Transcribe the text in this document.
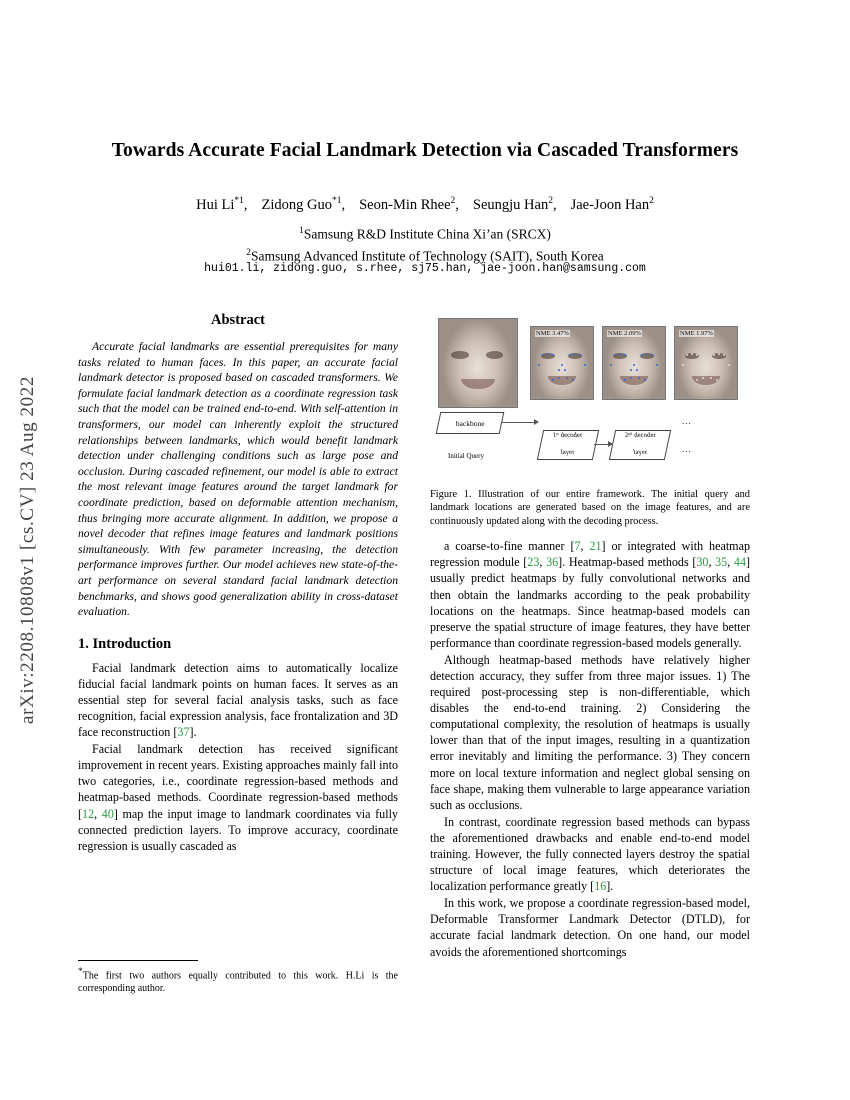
arXiv:2208.10808v1 [cs.CV] 23 Aug 2022
Towards Accurate Facial Landmark Detection via Cascaded Transformers
Hui Li$^{*1}$, Zidong Guo$^{*1}$, Seon-Min Rhee$^2$, Seungju Han$^2$, Jae-Joon Han$^2$
$^1$Samsung R&D Institute China Xi’an (SRCX)
$^2$Samsung Advanced Institute of Technology (SAIT), South Korea
hui01.li, zidong.guo, s.rhee, sj75.han, jae-joon.han@samsung.com
Abstract
Accurate facial landmarks are essential prerequisites for many tasks related to human faces. In this paper, an accurate facial landmark detector is proposed based on cascaded transformers. We formulate facial landmark detection as a coordinate regression task such that the model can be trained end-to-end. With self-attention in transformers, our model can inherently exploit the structured relationships between landmarks, which would benefit landmark detection under challenging conditions such as large pose and occlusion. During cascaded refinement, our model is able to extract the most relevant image features around the target landmark for coordinate prediction, based on deformable attention mechanism, thus bringing more accurate alignment. In addition, we propose a novel decoder that refines image features and landmark positions simultaneously. With few parameter increasing, the detection performance improves further. Our model achieves new state-of-the-art performance on several standard facial landmark detection benchmarks, and shows good generalization ability in cross-dataset evaluation.
1. Introduction

Facial landmark detection aims to automatically localize fiducial facial landmark points on human faces. It serves as an essential step for several facial analysis tasks, such as face recognition, facial expression analysis, face frontalization and 3D face reconstruction [37].

Facial landmark detection has received significant improvement in recent years. Existing approaches mainly fall into two categories, i.e., coordinate regression-based methods and heatmap-based methods. Coordinate regression-based methods [12, 40] map the input image to landmark coordinates via fully connected prediction layers. To improve accuracy, coordinate regression is usually cascaded as

*The first two authors equally contributed to this work. H.Li is the corresponding author.
NME 3.47%	NME 2.09%	NME 1.97%
backbone
Initial Query
1ˢᵗ decoder

layer
2ⁿᵈ decoder

layer
...
...
Figure 1. Illustration of our entire framework. The initial query and landmark locations are generated based on the image features, and are continuously updated along with the decoding process.

a coarse-to-fine manner [7, 21] or integrated with heatmap regression module [23, 36]. Heatmap-based methods [30, 35, 44] usually predict heatmaps by fully convolutional networks and then obtain the landmarks according to the peak probability locations on the heatmaps. Since heatmap-based models can preserve the spatial structure of image features, they have better performance than coordinate regression-based models generally.

Although heatmap-based methods have relatively higher detection accuracy, they suffer from three major issues. 1) The required post-processing step is non-differentiable, which disables the end-to-end training. 2) Considering the computational complexity, the resolution of heatmaps is usually lower than that of the input images, resulting in a quantization error inevitably and limiting the performance. 3) They concern more on local texture information and neglect global sensing on face shape, making them vulnerable to large appearance variation such as occlusions.

In contrast, coordinate regression based methods can bypass the aforementioned drawbacks and enable end-to-end model training. However, the fully connected layers destroy the spatial structure of local image features, which deteriorates the localization performance greatly [16].

In this work, we propose a coordinate regression-based model, Deformable Transformer Landmark Detector (DTLD), for accurate facial landmark detection. On one hand, our model avoids the aforementioned shortcomings
